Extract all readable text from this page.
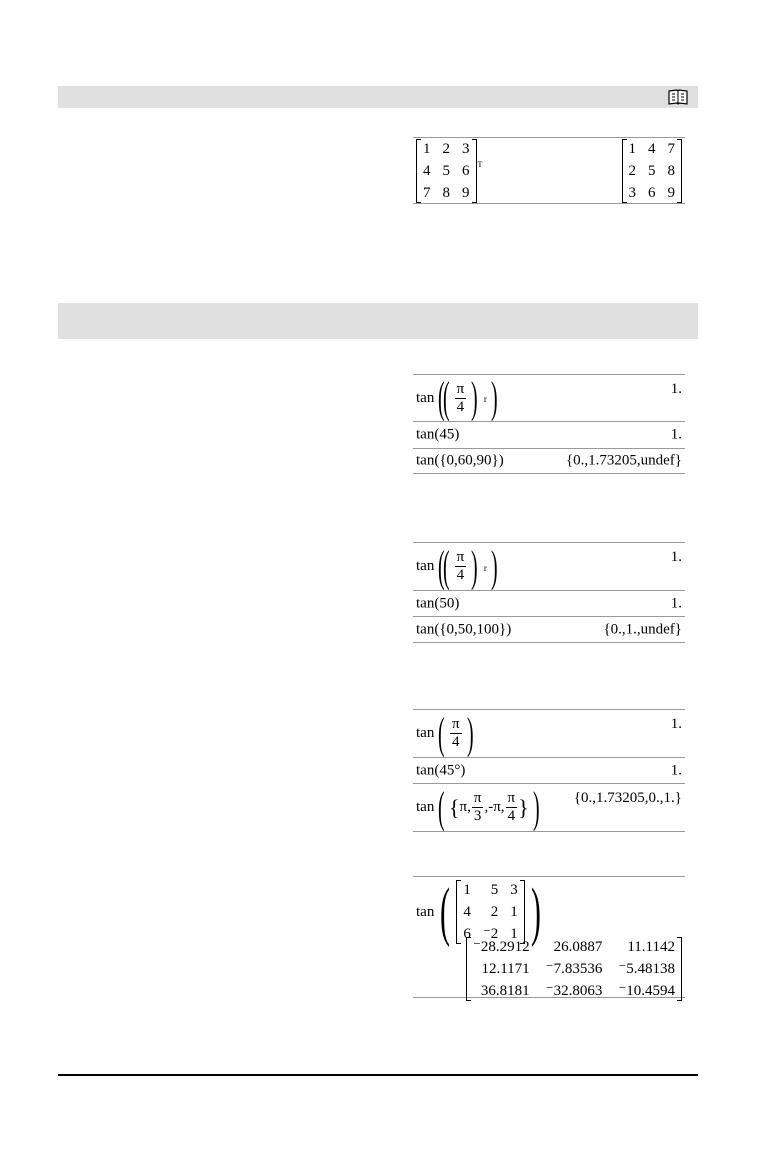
1 2 3
4 5 6
7 8 9
T
1 4 7
2 5 8
3 6 9
tan (
( $\frac{\pi}{4}$ ) r )	1.
tan(45)	1.
tan({0,60,90})	{0.,1.73205,undef}
tan (
( $\frac{\pi}{4}$ ) r )	1.
tan(50)	1.
tan({0,50,100})	{0.,1.,undef}
tan ( $\frac{\pi}{4}$ )	1.
tan(45°)	1.
tan ( { π, $\frac{\pi}{3} ,-\pi$, $\frac{\pi}{4}$ } ) {0.,1.73205,0.,1.}
tan ( 1	5 3
4	2 1
6 ⁻2 1 )
⁻28.2912	26.0887	11.1142
12.1171 ⁻7.83536 ⁻5.48138
36.8181 ⁻32.8063 ⁻10.4594
